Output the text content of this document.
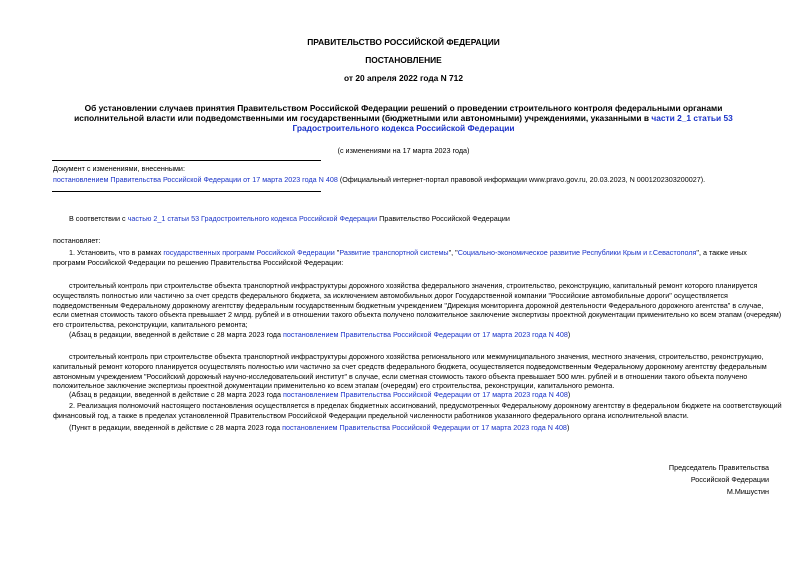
ПРАВИТЕЛЬСТВО РОССИЙСКОЙ ФЕДЕРАЦИИ
ПОСТАНОВЛЕНИЕ
от 20 апреля 2022 года N 712
Об установлении случаев принятия Правительством Российской Федерации решений о проведении строительного контроля федеральными органами
исполнительной власти или подведомственными им государственными (бюджетными или автономными) учреждениями, указанными в части 2_1 статьи 53
Градостроительного кодекса Российской Федерации
(с изменениями на 17 марта 2023 года)
Документ с изменениями, внесенными:
постановлением Правительства Российской Федерации от 17 марта 2023 года N 408 (Официальный интернет-портал правовой информации www.pravo.gov.ru, 20.03.2023, N 0001202303200027).
В соответствии с частью 2_1 статьи 53 Градостроительного кодекса Российской Федерации Правительство Российской Федерации
постановляет:
1. Установить, что в рамках государственных программ Российской Федерации "Развитие транспортной системы", "Социально-экономическое развитие Республики Крым и г.Севастополя", а также иных
программ Российской Федерации по решению Правительства Российской Федерации:
строительный контроль при строительстве объекта транспортной инфраструктуры дорожного хозяйства федерального значения, строительство, реконструкцию, капитальный ремонт которого планируется
осуществлять полностью или частично за счет средств федерального бюджета, за исключением автомобильных дорог Государственной компании "Российские автомобильные дороги" осуществляется
подведомственным Федеральному дорожному агентству федеральным государственным бюджетным учреждением "Дирекция мониторинга дорожной деятельности Федерального дорожного агентства" в случае,
если сметная стоимость такого объекта превышает 2 млрд. рублей и в отношении такого объекта получено положительное заключение экспертизы проектной документации применительно ко всем этапам (очередям)
его строительства, реконструкции, капитального ремонта;
(Абзац в редакции, введенной в действие с 28 марта 2023 года постановлением Правительства Российской Федерации от 17 марта 2023 года N 408)
строительный контроль при строительстве объекта транспортной инфраструктуры дорожного хозяйства регионального или межмуниципального значения, местного значения, строительство, реконструкцию,
капитальный ремонт которого планируется осуществлять полностью или частично за счет средств федерального бюджета, осуществляется подведомственным Федеральному дорожному агентству федеральным
автономным учреждением "Российский дорожный научно-исследовательский институт" в случае, если сметная стоимость такого объекта превышает 500 млн. рублей и в отношении такого объекта получено
положительное заключение экспертизы проектной документации применительно ко всем этапам (очередям) его строительства, реконструкции, капитального ремонта.
(Абзац в редакции, введенной в действие с 28 марта 2023 года постановлением Правительства Российской Федерации от 17 марта 2023 года N 408)
2. Реализация полномочий настоящего постановления осуществляется в пределах бюджетных ассигнований, предусмотренных Федеральному дорожному агентству в федеральном бюджете на соответствующий
финансовый год, а также в пределах установленной Правительством Российской Федерации предельной численности работников указанного федерального органа исполнительной власти.
(Пункт в редакции, введенной в действие с 28 марта 2023 года постановлением Правительства Российской Федерации от 17 марта 2023 года N 408)
Председатель Правительства
Российской Федерации
М.Мишустин
